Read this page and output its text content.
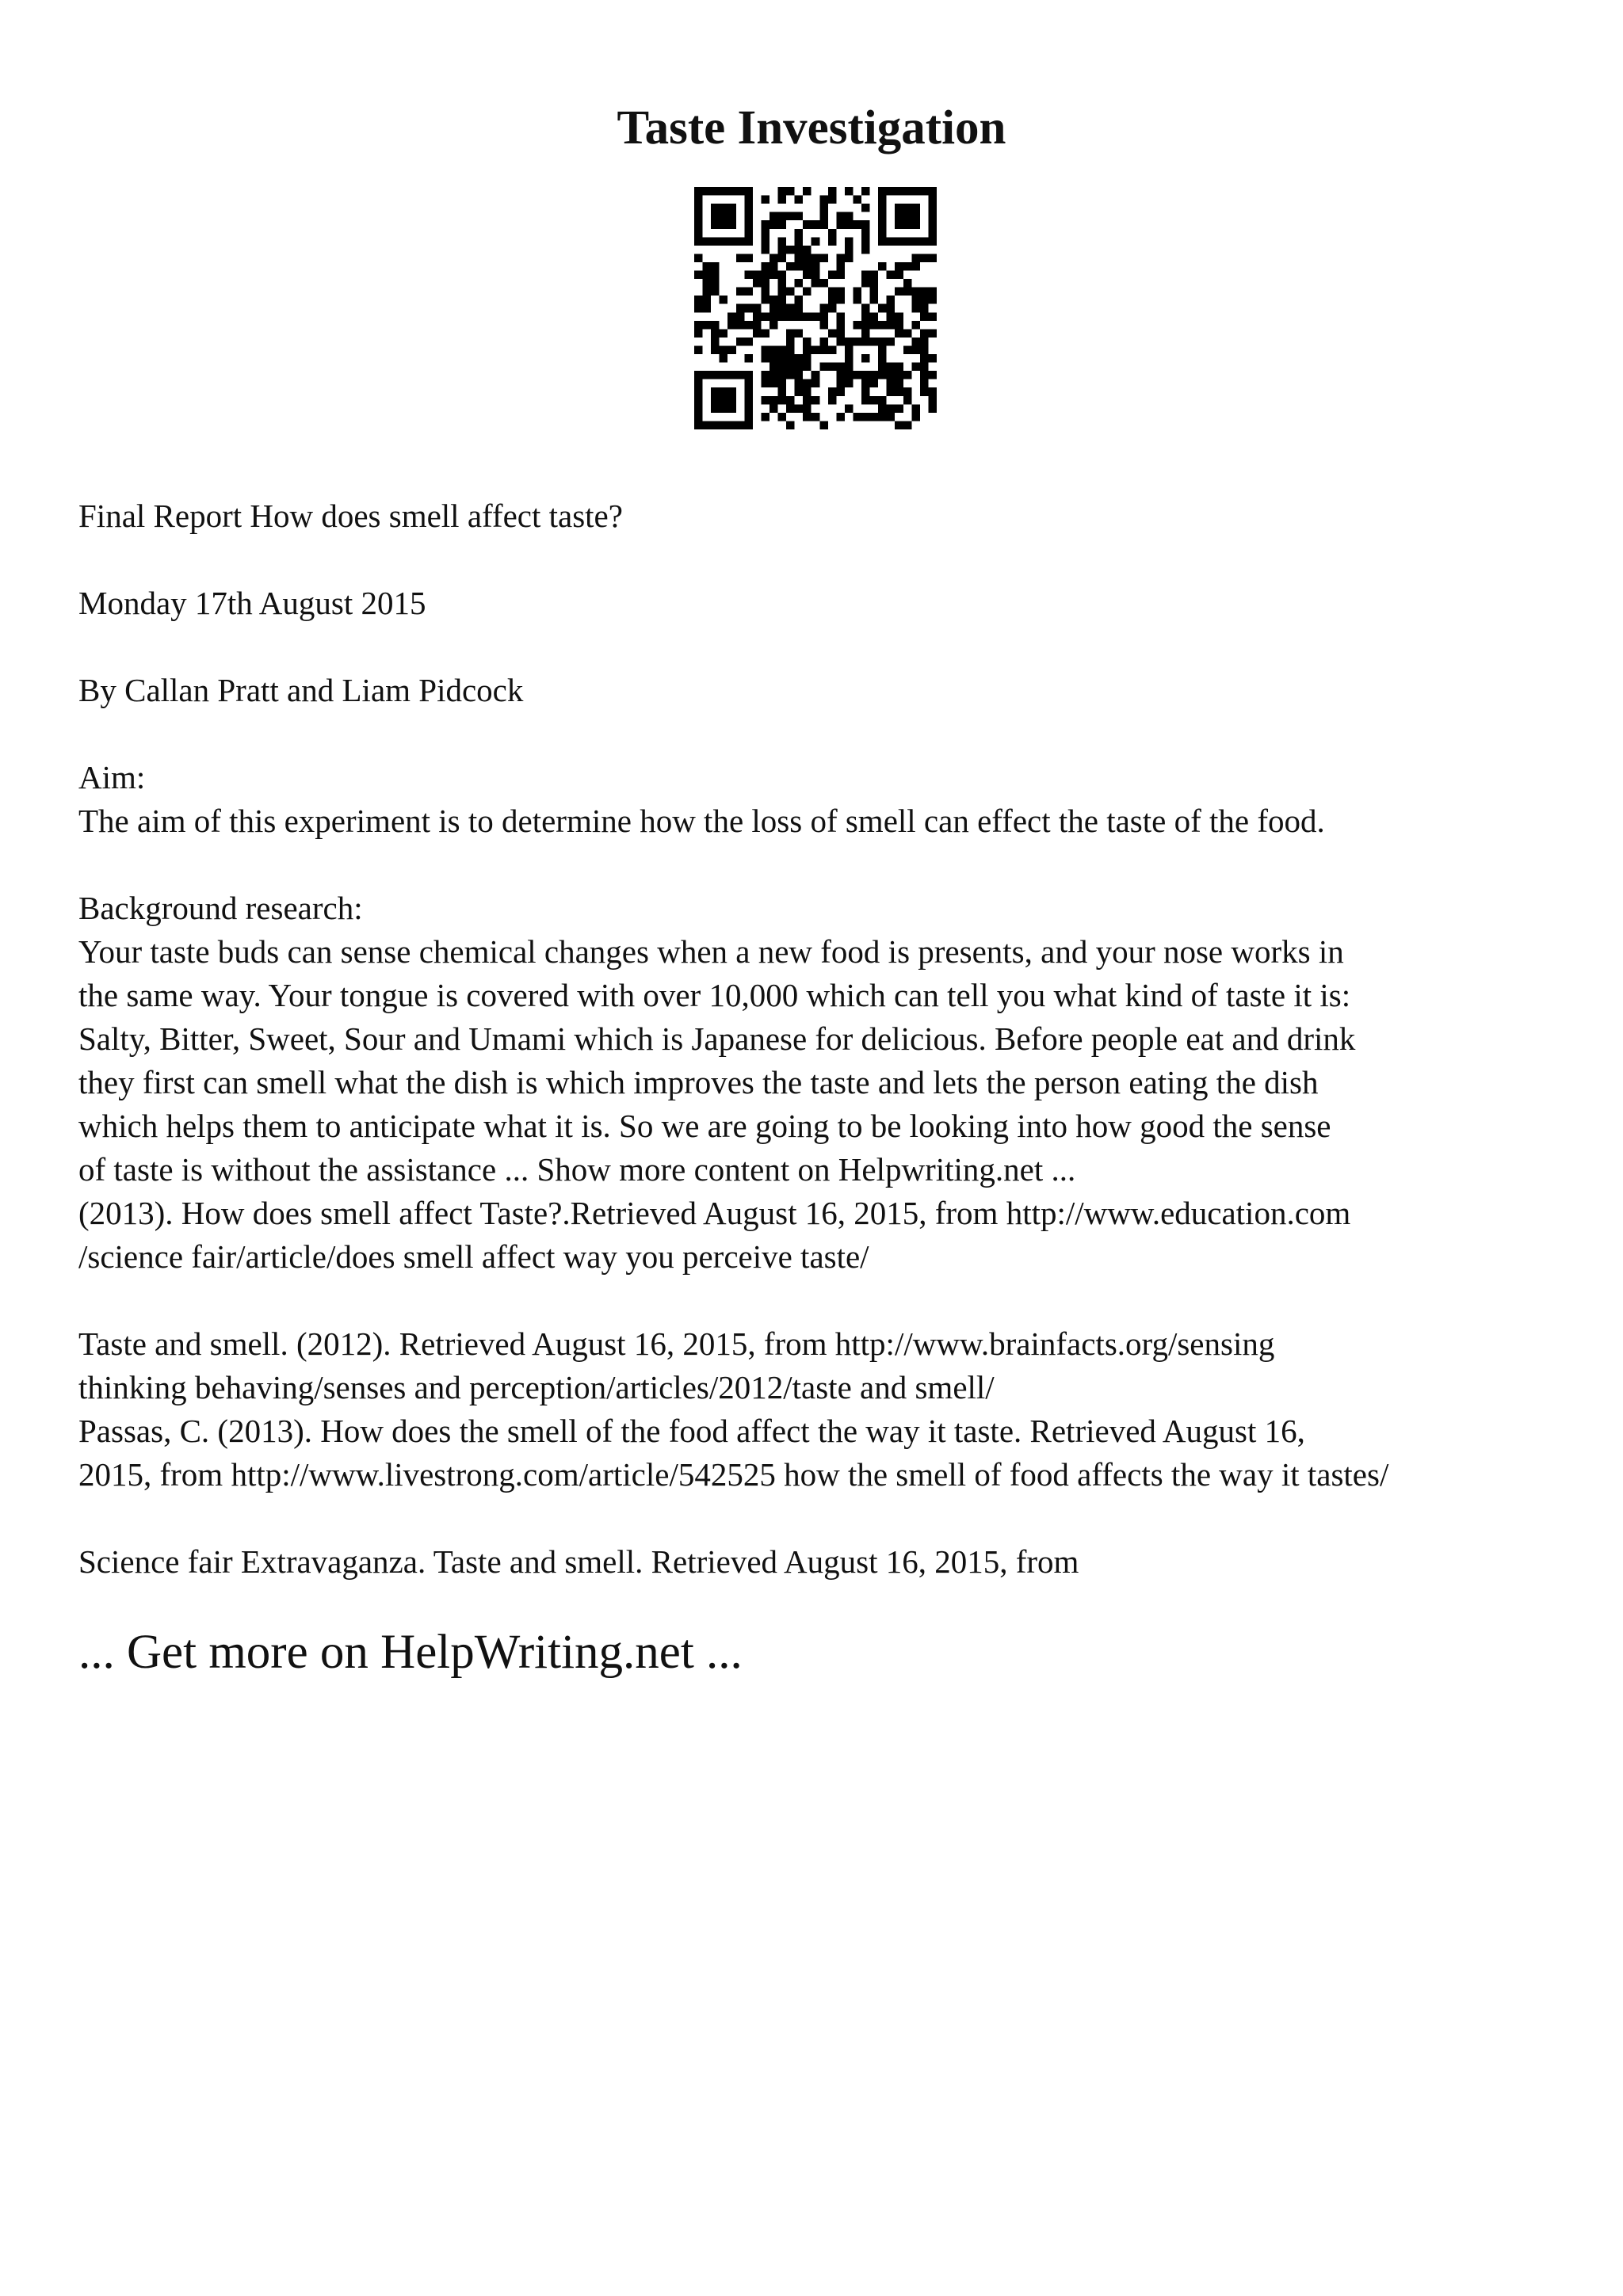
Taste Investigation

Final Report How does smell affect taste?

Monday 17th August 2015

By Callan Pratt and Liam Pidcock

Aim:

The aim of this experiment is to determine how the loss of smell can effect the taste of the food.

Background research:

Your taste buds can sense chemical changes when a new food is presents, and your nose works in

the same way. Your tongue is covered with over 10,000 which can tell you what kind of taste it is:

Salty, Bitter, Sweet, Sour and Umami which is Japanese for delicious. Before people eat and drink

they first can smell what the dish is which improves the taste and lets the person eating the dish

which helps them to anticipate what it is. So we are going to be looking into how good the sense

of taste is without the assistance ... Show more content on Helpwriting.net ...

(2013). How does smell affect Taste?.Retrieved August 16, 2015, from http://www.education.com

/science fair/article/does smell affect way you perceive taste/

Taste and smell. (2012). Retrieved August 16, 2015, from http://www.brainfacts.org/sensing

thinking behaving/senses and perception/articles/2012/taste and smell/

Passas, C. (2013). How does the smell of the food affect the way it taste. Retrieved August 16,

2015, from http://www.livestrong.com/article/542525 how the smell of food affects the way it tastes/

Science fair Extravaganza. Taste and smell. Retrieved August 16, 2015, from

... Get more on HelpWriting.net ...
